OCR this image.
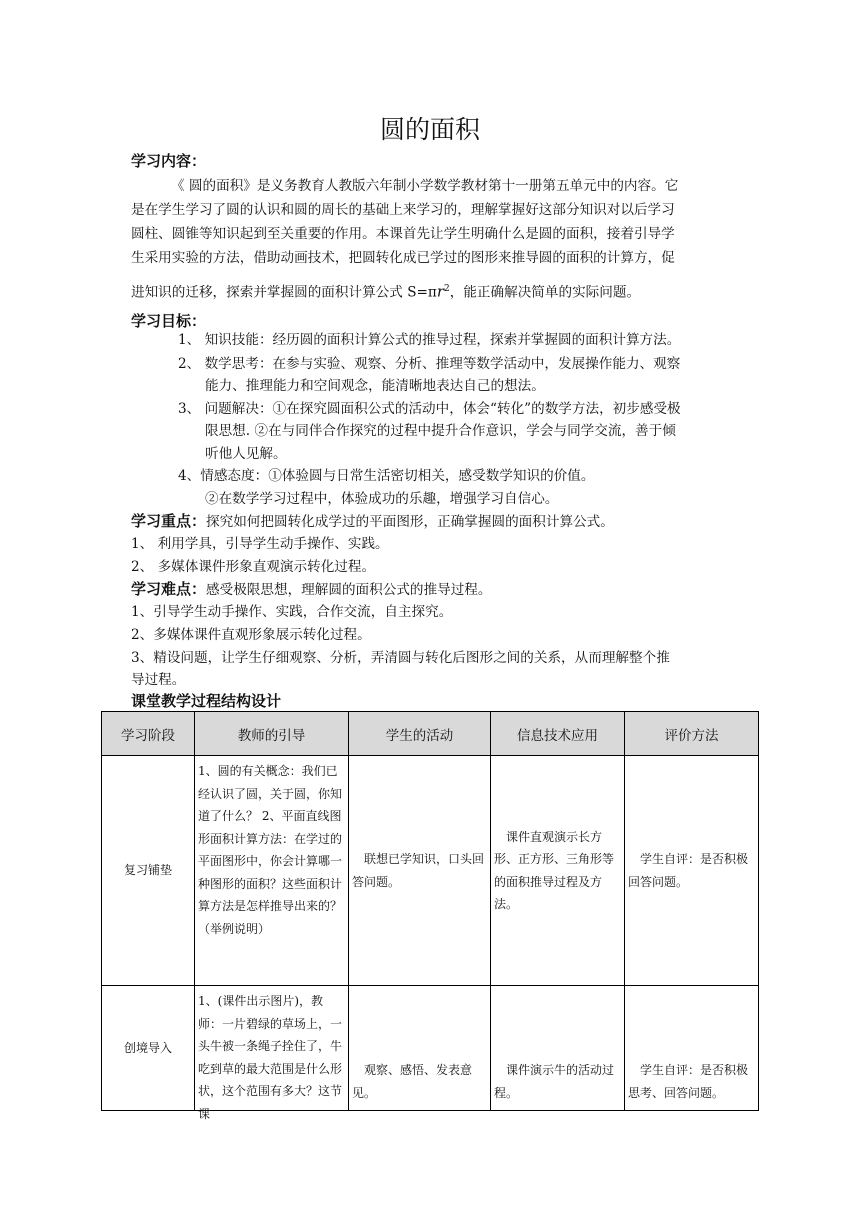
圆的面积
学习内容：
《 圆的面积》是义务教育人教版六年制小学数学教材第十一册第五单元中的内容。它
是在学生学习了圆的认识和圆的周长的基础上来学习的，理解掌握好这部分知识对以后学习
圆柱、圆锥等知识起到至关重要的作用。本课首先让学生明确什么是圆的面积，接着引导学
生采用实验的方法，借助动画技术，把圆转化成已学过的图形来推导圆的面积的计算方，促
进知识的迁移，探索并掌握圆的面积计算公式 $S=\pi r^2$，能正确解决简单的实际问题。
学习目标：
1、 知识技能：经历圆的面积计算公式的推导过程，探索并掌握圆的面积计算方法。
2、 数学思考：在参与实验、观察、分析、推理等数学活动中，发展操作能力、观察
能力、推理能力和空间观念，能清晰地表达自己的想法。
3、 问题解决：①在探究圆面积公式的活动中，体会“转化”的数学方法，初步感受极
限思想. ②在与同伴合作探究的过程中提升合作意识，学会与同学交流，善于倾
听他人见解。
4、情感态度：①体验圆与日常生活密切相关，感受数学知识的价值。
②在数学学习过程中，体验成功的乐趣，增强学习自信心。
学习重点：探究如何把圆转化成学过的平面图形，正确掌握圆的面积计算公式。
1、 利用学具，引导学生动手操作、实践。
2、 多媒体课件形象直观演示转化过程。
学习难点：感受极限思想，理解圆的面积公式的推导过程。
1、引导学生动手操作、实践，合作交流，自主探究。
2、多媒体课件直观形象展示转化过程。
3、精设问题，让学生仔细观察、分析，弄清圆与转化后图形之间的关系，从而理解整个推
导过程。
课堂教学过程结构设计
学习阶段	教师的引导	学生的活动	信息技术应用	评价方法
复习铺垫	1、圆的有关概念：我们已经认识了圆，关于圆，你知道了什么？ 2、平面直线图形面积计算方法：在学过的平面图形中，你会计算哪一种图形的面积？这些面积计算方法是怎样推导出来的？（举例说明）	　联想已学知识，口头回答问题。	　课件直观演示长方形、正方形、三角形等的面积推导过程及方法。	　学生自评：是否积极回答问题。
创境导入	1、(课件出示图片)，教师：一片碧绿的草场上，一头牛被一条绳子拴住了，牛吃到草的最大范围是什么形状，这个范围有多大？这节课	　观察、感悟、发表意见。	　课件演示牛的活动过程。	　学生自评：是否积极思考、回答问题。
